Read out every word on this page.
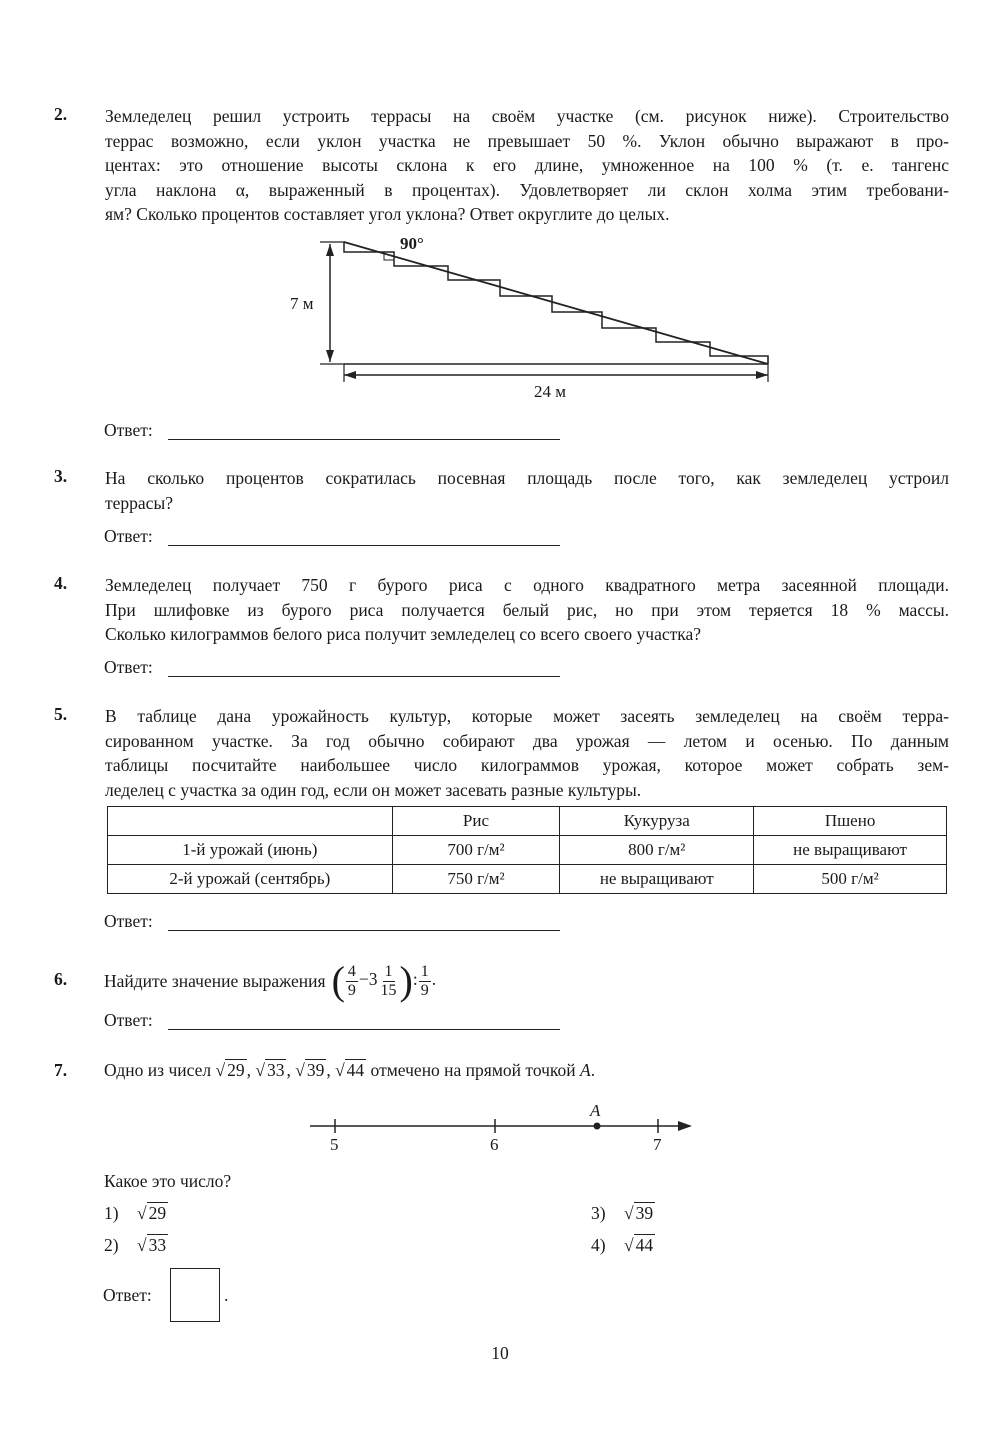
2. Земледелец решил устроить террасы на своём участке (см. рисунок ниже). Строительство
террас возможно, если уклон участка не превышает 50 %. Уклон обычно выражают в про-
центах: это отношение высоты склона к его длине, умноженное на 100 % (т. е. тангенс
угла наклона α, выраженный в процентах). Удовлетворяет ли склон холма этим требовани-
ям? Сколько процентов составляет угол уклона? Ответ округлите до целых.
90°
7 м
24 м
Ответ:
3. На сколько процентов сократилась посевная площадь после того, как земледелец устроил
террасы?
Ответ:
4. Земледелец получает 750 г бурого риса с одного квадратного метра засеянной площади.
При шлифовке из бурого риса получается белый рис, но при этом теряется 18 % массы.
Сколько килограммов белого риса получит земледелец со всего своего участка?
Ответ:
5. В таблице дана урожайность культур, которые может засеять земледелец на своём терра-
сированном участке. За год обычно собирают два урожая — летом и осенью. По данным
таблицы посчитайте наибольшее число килограммов урожая, которое может собрать зем-
леделец с участка за один год, если он может засевать разные культуры.
	Рис	Кукуруза	Пшено
1-й урожай (июнь)	700 г/м²	800 г/м²	не выращивают
2-й урожай (сентябрь)	750 г/м²	не выращивают	500 г/м²
Ответ:
6. Найдите значение выражения ( $\frac{4}{9} -3 \frac{1}{15}$ ): $\frac{1}{9}$ .
Ответ:
7. Одно из чисел √ 29 , √ 33 , √ 39 , √ 44 отмечено на прямой точкой A.
A
5	6	7
Какое это число?
1) √ 29
2) √ 33
3) √ 39
4) √ 44
Ответ:	.
10
